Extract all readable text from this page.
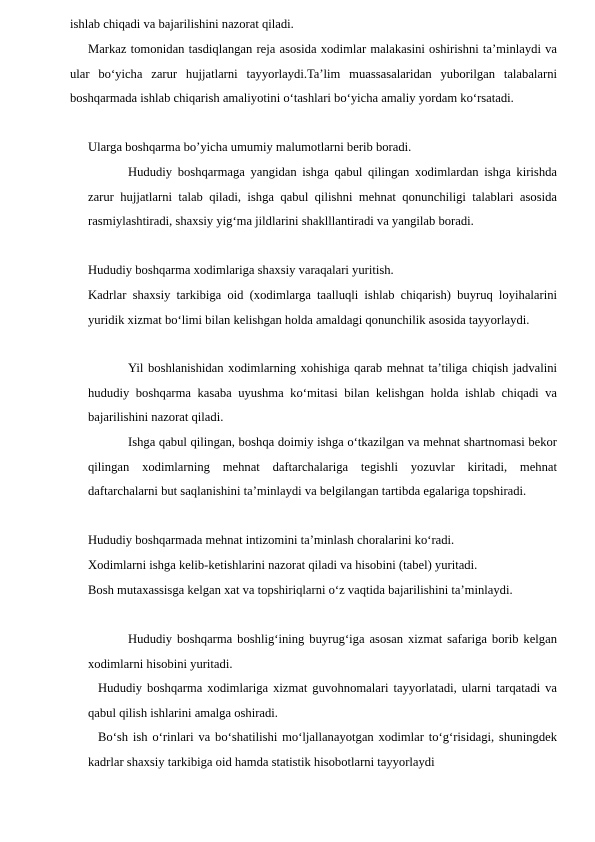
ishlab chiqadi va bajarilishini nazorat qiladi.

Markaz tomonidan tasdiqlangan reja asosida xodimlar malakasini oshirishni ta’minlaydi va ular bo‘yicha zarur hujjatlarni tayyorlaydi.Ta’lim muassasalaridan yuborilgan talabalarni boshqarmada ishlab chiqarish amaliyotini o‘tashlari bo‘yicha amaliy yordam ko‘rsatadi.

Ularga boshqarma bo’yicha umumiy malumotlarni berib boradi.

Hududiy boshqarmaga yangidan ishga qabul qilingan xodimlardan ishga kirishda zarur hujjatlarni talab qiladi, ishga qabul qilishni mehnat qonunchiligi talablari asosida rasmiylashtiradi, shaxsiy yig‘ma jildlarini shaklllantiradi va yangilab boradi.

Hududiy boshqarma xodimlariga shaxsiy varaqalari yuritish.

Kadrlar shaxsiy tarkibiga oid (xodimlarga taalluqli ishlab chiqarish) buyruq loyihalarini yuridik xizmat bo‘limi bilan kelishgan holda amaldagi qonunchilik asosida tayyorlaydi.

Yil boshlanishidan xodimlarning xohishiga qarab mehnat ta’tiliga chiqish jadvalini hududiy boshqarma kasaba uyushma ko‘mitasi bilan kelishgan holda ishlab chiqadi va bajarilishini nazorat qiladi.

Ishga qabul qilingan, boshqa doimiy ishga o‘tkazilgan va mehnat shartnomasi bekor qilingan xodimlarning mehnat daftarchalariga tegishli yozuvlar kiritadi, mehnat daftarchalarni but saqlanishini ta’minlaydi va belgilangan tartibda egalariga topshiradi.

Hududiy boshqarmada mehnat intizomini ta’minlash choralarini ko‘radi.

Xodimlarni ishga kelib-ketishlarini nazorat qiladi va hisobini (tabel) yuritadi.

Bosh mutaxassisga kelgan xat va topshiriqlarni o‘z vaqtida bajarilishini ta’minlaydi.

Hududiy boshqarma boshlig‘ining buyrug‘iga asosan xizmat safariga borib kelgan xodimlarni hisobini yuritadi.

Hududiy boshqarma xodimlariga xizmat guvohnomalari tayyorlatadi, ularni tarqatadi va qabul qilish ishlarini amalga oshiradi.

Bo‘sh ish o‘rinlari va bo‘shatilishi mo‘ljallanayotgan xodimlar to‘g‘risidagi, shuningdek kadrlar shaxsiy tarkibiga oid hamda statistik hisobotlarni tayyorlaydi
